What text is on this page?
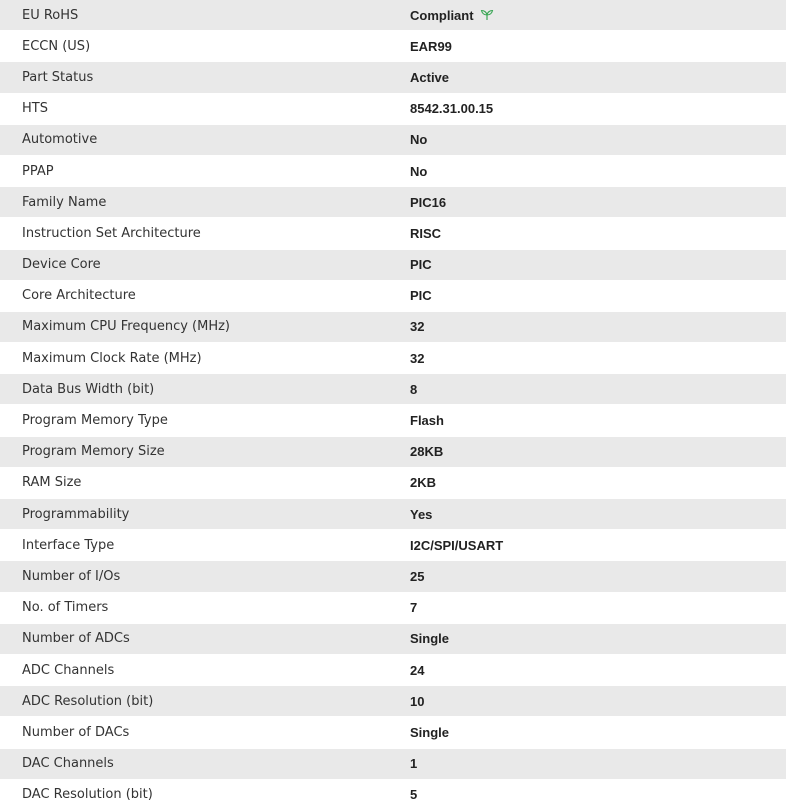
EU RoHS	Compliant
ECCN (US)	EAR99
Part Status	Active
HTS	8542.31.00.15
Automotive	No
PPAP	No
Family Name	PIC16
Instruction Set Architecture	RISC
Device Core	PIC
Core Architecture	PIC
Maximum CPU Frequency (MHz)	32
Maximum Clock Rate (MHz)	32
Data Bus Width (bit)	8
Program Memory Type	Flash
Program Memory Size	28KB
RAM Size	2KB
Programmability	Yes
Interface Type	I2C/SPI/USART
Number of I/Os	25
No. of Timers	7
Number of ADCs	Single
ADC Channels	24
ADC Resolution (bit)	10
Number of DACs	Single
DAC Channels	1
DAC Resolution (bit)	5
